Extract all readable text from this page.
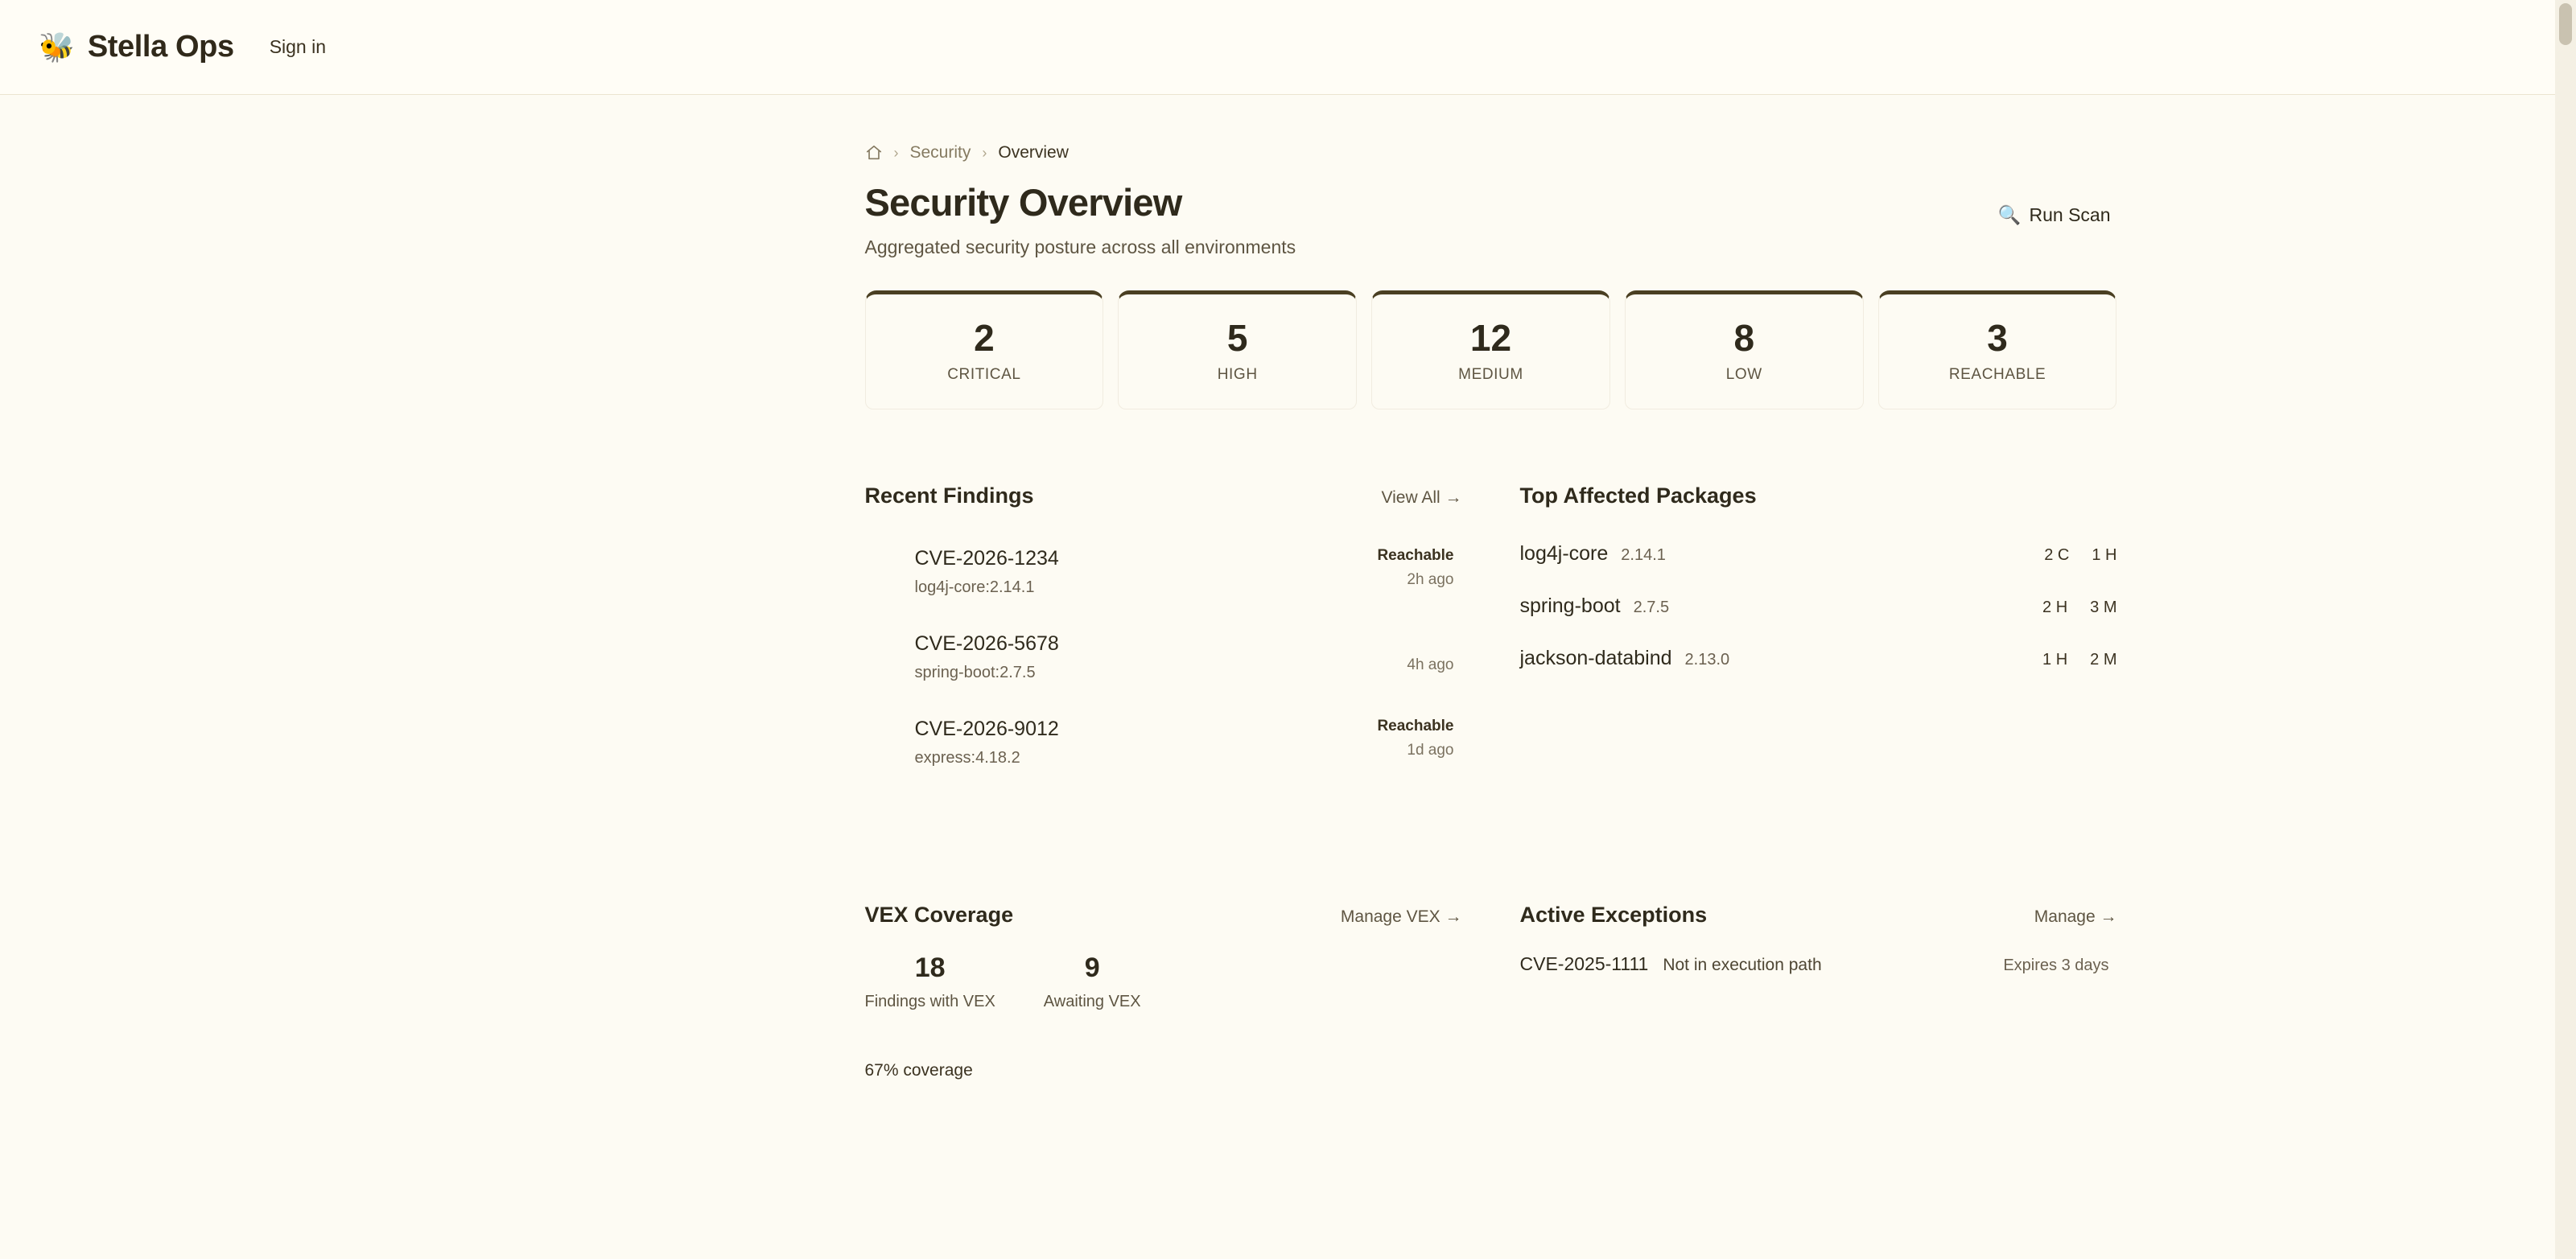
🐝 Stella Ops	Sign in
› Security › Overview
Security Overview
Aggregated security posture across all environments
🔍 Run Scan
2
CRITICAL
5
HIGH
12
MEDIUM
8
LOW
3
REACHABLE
Recent Findings	View All →
CVE-2026-1234
log4j-core:2.14.1
Reachable
2h ago
CVE-2026-5678
spring-boot:2.7.5	4h ago
CVE-2026-9012
express:4.18.2
Reachable
1d ago
Top Affected Packages
log4j-core 2.14.1	2 C 1 H
spring-boot 2.7.5	2 H 3 M
jackson-databind 2.13.0	1 H 2 M
VEX Coverage	Manage VEX →
18
Findings with VEX
9
Awaiting VEX
67% coverage
Active Exceptions	Manage →
CVE-2025-1111 Not in execution path	Expires 3 days
